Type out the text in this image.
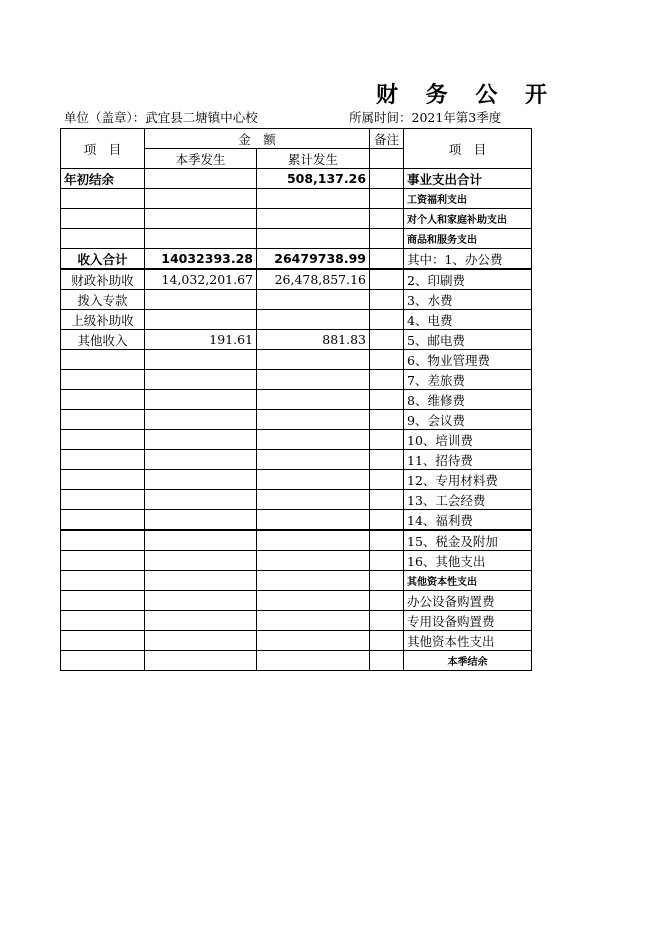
财 务 公 开
单位（盖章）：武宜县二塘镇中心校	所属时间：2021年第3季度
项　目	金　额		备注	项　目
	本季发生	累计发生		
年初结余		508,137.26		事业支出合计
				工资福利支出
				对个人和家庭补助支出
				商品和服务支出
收入合计	14032393.28	26479738.99		其中：1、办公费
财政补助收	14,032,201.67	26,478,857.16		2、印刷费
拨入专款				3、水费
上级补助收				4、电费
其他收入	191.61	881.83		5、邮电费
				6、物业管理费
				7、差旅费
				8、维修费
				9、会议费
				10、培训费
				11、招待费
				12、专用材料费
				13、工会经费
				14、福利费
				15、税金及附加
				16、其他支出
				其他资本性支出
				办公设备购置费
				专用设备购置费
				其他资本性支出
				本季结余
